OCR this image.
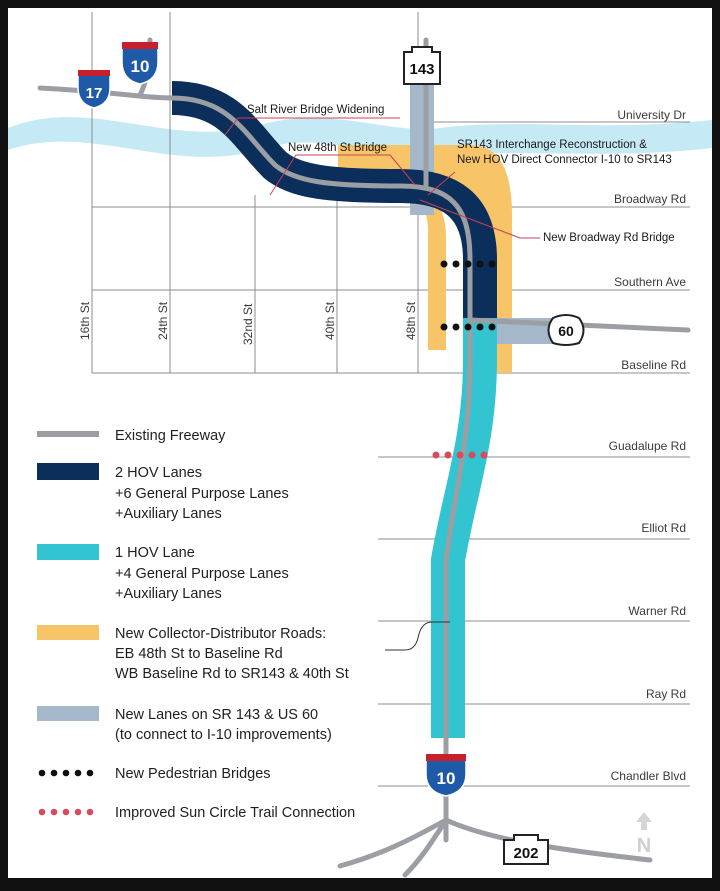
University Dr
Broadway Rd
Southern Ave
Baseline Rd
Guadalupe Rd
Elliot Rd
Warner Rd
Ray Rd
Chandler Blvd
16th St	24th St	32nd St	40th St	48th St
Salt River Bridge Widening
New 48th St Bridge	SR143 Interchange Reconstruction &
New HOV Direct Connector I-10 to SR143
New Broadway Rd Bridge
17
10	143
60
10
202	N
Existing Freeway
2 HOV Lanes
+6 General Purpose Lanes
+Auxiliary Lanes
1 HOV Lane
+4 General Purpose Lanes
+Auxiliary Lanes
New Collector-Distributor Roads:
EB 48th St to Baseline Rd
WB Baseline Rd to SR143 & 40th St
New Lanes on SR 143 & US 60
(to connect to I-10 improvements)
New Pedestrian Bridges
Improved Sun Circle Trail Connection
